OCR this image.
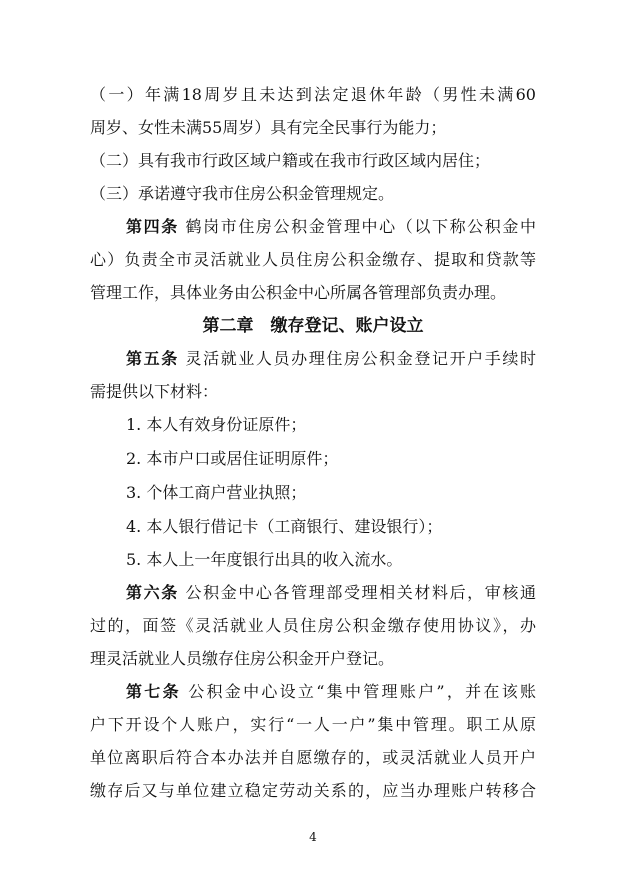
（一）年满18周岁且未达到法定退休年龄（男性未满60
周岁、女性未满55周岁）具有完全民事行为能力；
（二）具有我市行政区域户籍或在我市行政区域内居住；
（三）承诺遵守我市住房公积金管理规定。
第四条 鹤岗市住房公积金管理中心（以下称公积金中
心）负责全市灵活就业人员住房公积金缴存、提取和贷款等
管理工作，具体业务由公积金中心所属各管理部负责办理。
第二章　缴存登记、账户设立
第五条 灵活就业人员办理住房公积金登记开户手续时
需提供以下材料：
1. 本人有效身份证原件；
2. 本市户口或居住证明原件；
3. 个体工商户营业执照；
4. 本人银行借记卡（工商银行、建设银行）；
5. 本人上一年度银行出具的收入流水。
第六条 公积金中心各管理部受理相关材料后，审核通
过的，面签《灵活就业人员住房公积金缴存使用协议》，办
理灵活就业人员缴存住房公积金开户登记。
第七条 公积金中心设立“集中管理账户”，并在该账
户下开设个人账户，实行“一人一户”集中管理。职工从原
单位离职后符合本办法并自愿缴存的，或灵活就业人员开户
缴存后又与单位建立稳定劳动关系的，应当办理账户转移合
4
